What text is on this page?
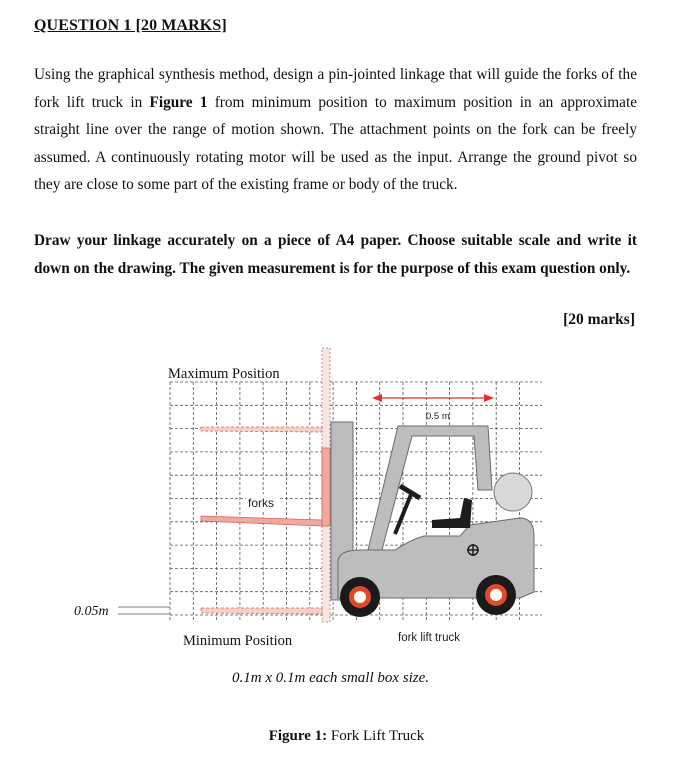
QUESTION 1 [20 MARKS]
Using the graphical synthesis method, design a pin-jointed linkage that will guide the forks of the fork lift truck in Figure 1 from minimum position to maximum position in an approximate straight line over the range of motion shown. The attachment points on the fork can be freely assumed. A continuously rotating motor will be used as the input. Arrange the ground pivot so they are close to some part of the existing frame or body of the truck.
Draw your linkage accurately on a piece of A4 paper. Choose suitable scale and write it down on the drawing. The given measurement is for the purpose of this exam question only.
[20 marks]
0.5 m
Maximum Position
Minimum Position
forks
fork lift truck
0.05m
0.1m x 0.1m each small box size.
Figure 1: Fork Lift Truck
